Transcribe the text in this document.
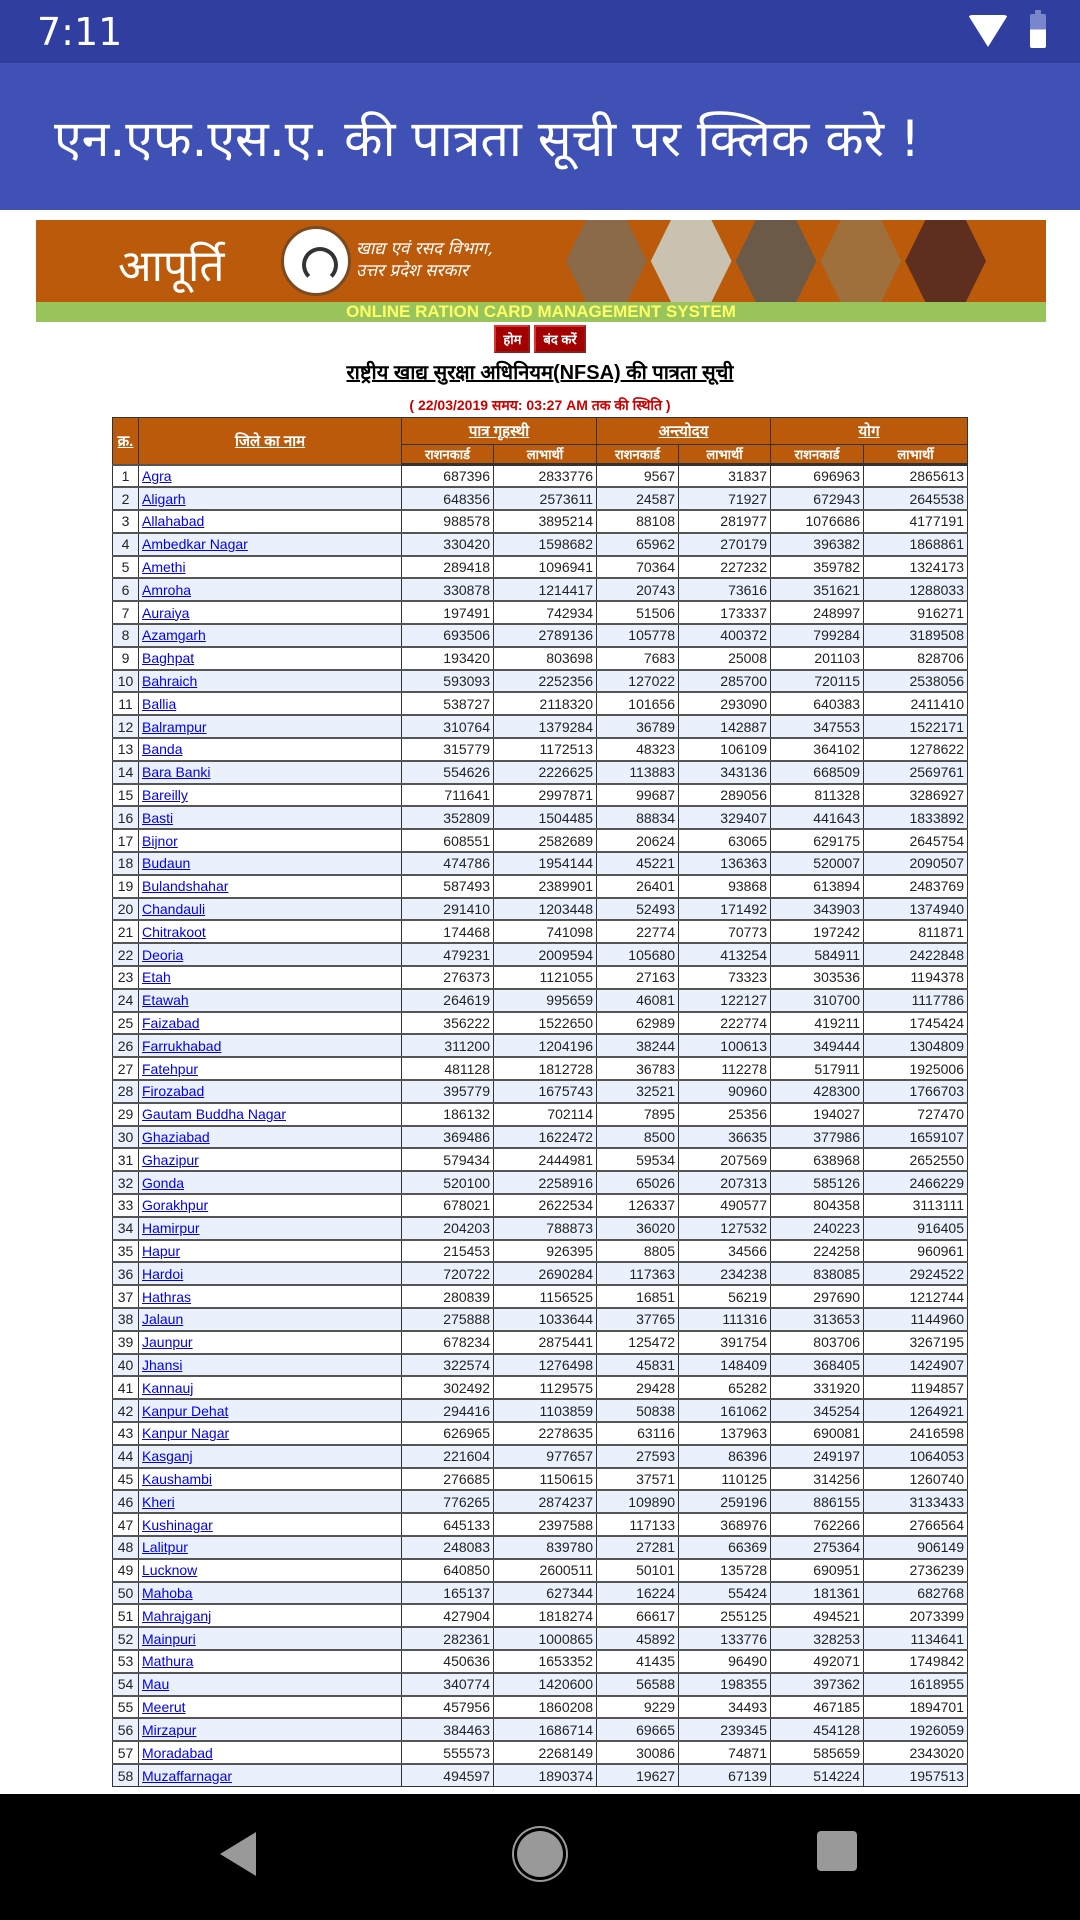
7:11
एन.एफ.एस.ए. की पात्रता सूची पर क्लिक करे !
आपूर्ति	खाद्य एवं रसद विभाग,
उत्तर प्रदेश सरकार
ONLINE RATION CARD MANAGEMENT SYSTEM
होम	बंद करें
राष्ट्रीय खाद्य सुरक्षा अधिनियम(NFSA) की पात्रता सूची
( 22/03/2019 समय: 03:27 AM तक की स्थिति )
क्र.	जिले का नाम	पात्र गृहस्थी		अन्त्योदय		योग	
		राशनकार्ड	लाभार्थी	राशनकार्ड	लाभार्थी	राशनकार्ड	लाभार्थी
1	Agra	687396	2833776	9567	31837	696963	2865613
2	Aligarh	648356	2573611	24587	71927	672943	2645538
3	Allahabad	988578	3895214	88108	281977	1076686	4177191
4	Ambedkar Nagar	330420	1598682	65962	270179	396382	1868861
5	Amethi	289418	1096941	70364	227232	359782	1324173
6	Amroha	330878	1214417	20743	73616	351621	1288033
7	Auraiya	197491	742934	51506	173337	248997	916271
8	Azamgarh	693506	2789136	105778	400372	799284	3189508
9	Baghpat	193420	803698	7683	25008	201103	828706
10	Bahraich	593093	2252356	127022	285700	720115	2538056
11	Ballia	538727	2118320	101656	293090	640383	2411410
12	Balrampur	310764	1379284	36789	142887	347553	1522171
13	Banda	315779	1172513	48323	106109	364102	1278622
14	Bara Banki	554626	2226625	113883	343136	668509	2569761
15	Bareilly	711641	2997871	99687	289056	811328	3286927
16	Basti	352809	1504485	88834	329407	441643	1833892
17	Bijnor	608551	2582689	20624	63065	629175	2645754
18	Budaun	474786	1954144	45221	136363	520007	2090507
19	Bulandshahar	587493	2389901	26401	93868	613894	2483769
20	Chandauli	291410	1203448	52493	171492	343903	1374940
21	Chitrakoot	174468	741098	22774	70773	197242	811871
22	Deoria	479231	2009594	105680	413254	584911	2422848
23	Etah	276373	1121055	27163	73323	303536	1194378
24	Etawah	264619	995659	46081	122127	310700	1117786
25	Faizabad	356222	1522650	62989	222774	419211	1745424
26	Farrukhabad	311200	1204196	38244	100613	349444	1304809
27	Fatehpur	481128	1812728	36783	112278	517911	1925006
28	Firozabad	395779	1675743	32521	90960	428300	1766703
29	Gautam Buddha Nagar	186132	702114	7895	25356	194027	727470
30	Ghaziabad	369486	1622472	8500	36635	377986	1659107
31	Ghazipur	579434	2444981	59534	207569	638968	2652550
32	Gonda	520100	2258916	65026	207313	585126	2466229
33	Gorakhpur	678021	2622534	126337	490577	804358	3113111
34	Hamirpur	204203	788873	36020	127532	240223	916405
35	Hapur	215453	926395	8805	34566	224258	960961
36	Hardoi	720722	2690284	117363	234238	838085	2924522
37	Hathras	280839	1156525	16851	56219	297690	1212744
38	Jalaun	275888	1033644	37765	111316	313653	1144960
39	Jaunpur	678234	2875441	125472	391754	803706	3267195
40	Jhansi	322574	1276498	45831	148409	368405	1424907
41	Kannauj	302492	1129575	29428	65282	331920	1194857
42	Kanpur Dehat	294416	1103859	50838	161062	345254	1264921
43	Kanpur Nagar	626965	2278635	63116	137963	690081	2416598
44	Kasganj	221604	977657	27593	86396	249197	1064053
45	Kaushambi	276685	1150615	37571	110125	314256	1260740
46	Kheri	776265	2874237	109890	259196	886155	3133433
47	Kushinagar	645133	2397588	117133	368976	762266	2766564
48	Lalitpur	248083	839780	27281	66369	275364	906149
49	Lucknow	640850	2600511	50101	135728	690951	2736239
50	Mahoba	165137	627344	16224	55424	181361	682768
51	Mahrajganj	427904	1818274	66617	255125	494521	2073399
52	Mainpuri	282361	1000865	45892	133776	328253	1134641
53	Mathura	450636	1653352	41435	96490	492071	1749842
54	Mau	340774	1420600	56588	198355	397362	1618955
55	Meerut	457956	1860208	9229	34493	467185	1894701
56	Mirzapur	384463	1686714	69665	239345	454128	1926059
57	Moradabad	555573	2268149	30086	74871	585659	2343020
58	Muzaffarnagar	494597	1890374	19627	67139	514224	1957513
